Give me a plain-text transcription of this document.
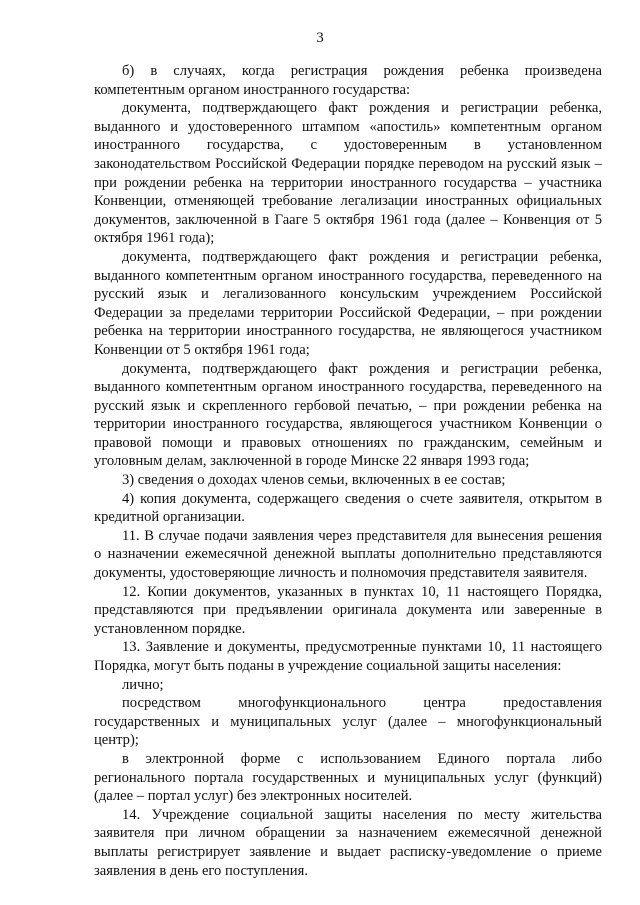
3

б) в случаях, когда регистрация рождения ребенка произведена компетентным органом иностранного государства:

документа, подтверждающего факт рождения и регистрации ребенка, выданного и удостоверенного штампом «апостиль» компетентным органом иностранного государства, с удостоверенным в установленном законодательством Российской Федерации порядке переводом на русский язык – при рождении ребенка на территории иностранного государства – участника Конвенции, отменяющей требование легализации иностранных официальных документов, заключенной в Гааге 5 октября 1961 года (далее – Конвенция от 5 октября 1961 года);

документа, подтверждающего факт рождения и регистрации ребенка, выданного компетентным органом иностранного государства, переведенного на русский язык и легализованного консульским учреждением Российской Федерации за пределами территории Российской Федерации, – при рождении ребенка на территории иностранного государства, не являющегося участником Конвенции от 5 октября 1961 года;

документа, подтверждающего факт рождения и регистрации ребенка, выданного компетентным органом иностранного государства, переведенного на русский язык и скрепленного гербовой печатью, – при рождении ребенка на территории иностранного государства, являющегося участником Конвенции о правовой помощи и правовых отношениях по гражданским, семейным и уголовным делам, заключенной в городе Минске 22 января 1993 года;

3) сведения о доходах членов семьи, включенных в ее состав;

4) копия документа, содержащего сведения о счете заявителя, открытом в кредитной организации.

11. В случае подачи заявления через представителя для вынесения решения о назначении ежемесячной денежной выплаты дополнительно представляются документы, удостоверяющие личность и полномочия представителя заявителя.

12. Копии документов, указанных в пунктах 10, 11 настоящего Порядка, представляются при предъявлении оригинала документа или заверенные в установленном порядке.

13. Заявление и документы, предусмотренные пунктами 10, 11 настоящего Порядка, могут быть поданы в учреждение социальной защиты населения:

лично;

посредством многофункционального центра предоставления государственных и муниципальных услуг (далее – многофункциональный центр);

в электронной форме с использованием Единого портала либо регионального портала государственных и муниципальных услуг (функций) (далее – портал услуг) без электронных носителей.

14. Учреждение социальной защиты населения по месту жительства заявителя при личном обращении за назначением ежемесячной денежной выплаты регистрирует заявление и выдает расписку-уведомление о приеме заявления в день его поступления.
